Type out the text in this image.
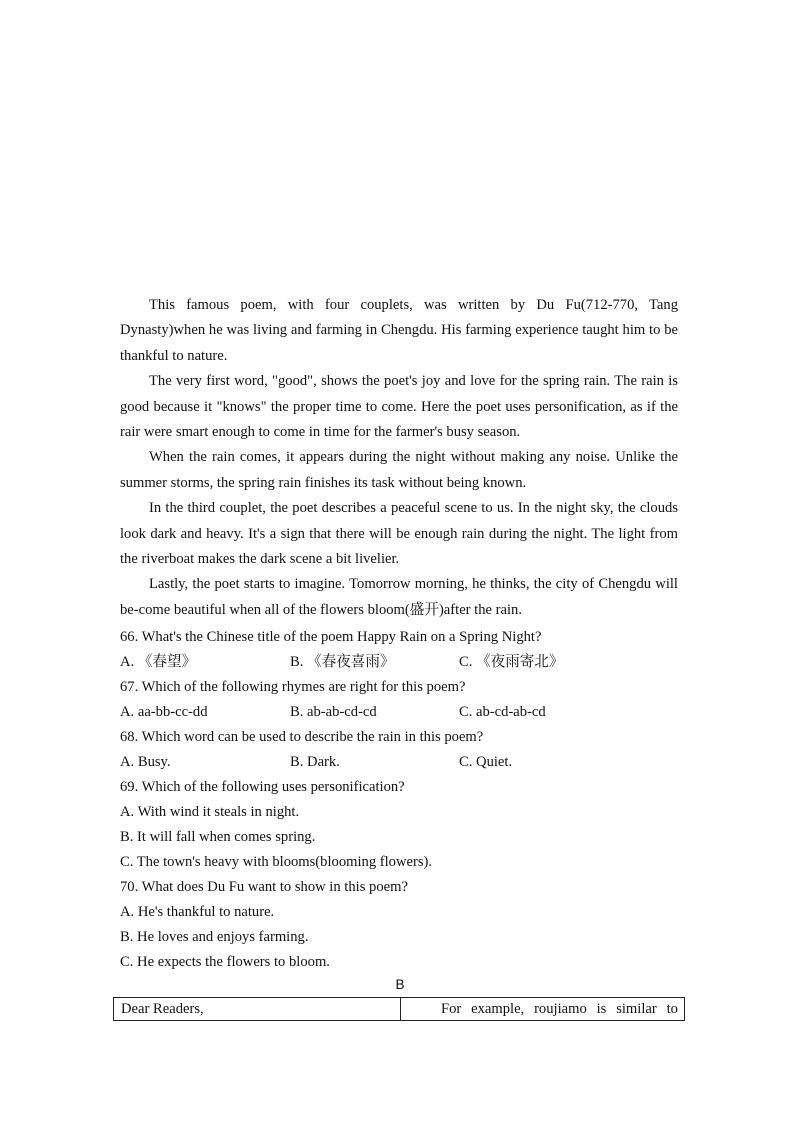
This famous poem, with four couplets, was written by Du Fu(712-770, Tang Dynasty)when he was living and farming in Chengdu. His farming experience taught him to be thankful to nature.

The very first word, "good", shows the poet's joy and love for the spring rain. The rain is good because it "knows" the proper time to come. Here the poet uses personification, as if the rair were smart enough to come in time for the farmer's busy season.

When the rain comes, it appears during the night without making any noise. Unlike the summer storms, the spring rain finishes its task without being known.

In the third couplet, the poet describes a peaceful scene to us. In the night sky, the clouds look dark and heavy. It's a sign that there will be enough rain during the night. The light from the riverboat makes the dark scene a bit livelier.

Lastly, the poet starts to imagine. Tomorrow morning, he thinks, the city of Chengdu will be-come beautiful when all of the flowers bloom(盛开)after the rain.

66. What's the Chinese title of the poem Happy Rain on a Spring Night?
A. 《春望》	B. 《春夜喜雨》	C. 《夜雨寄北》
67. Which of the following rhymes are right for this poem?
A. aa-bb-cc-dd	B. ab-ab-cd-cd	C. ab-cd-ab-cd
68. Which word can be used to describe the rain in this poem?
A. Busy.	B. Dark.	C. Quiet.
69. Which of the following uses personification?
A. With wind it steals in night.
B. It will fall when comes spring.
C. The town's heavy with blooms(blooming flowers).
70. What does Du Fu want to show in this poem?
A. He's thankful to nature.
B. He loves and enjoys farming.
C. He expects the flowers to bloom.
B
Dear Readers,	For example, roujiamo is similar to
